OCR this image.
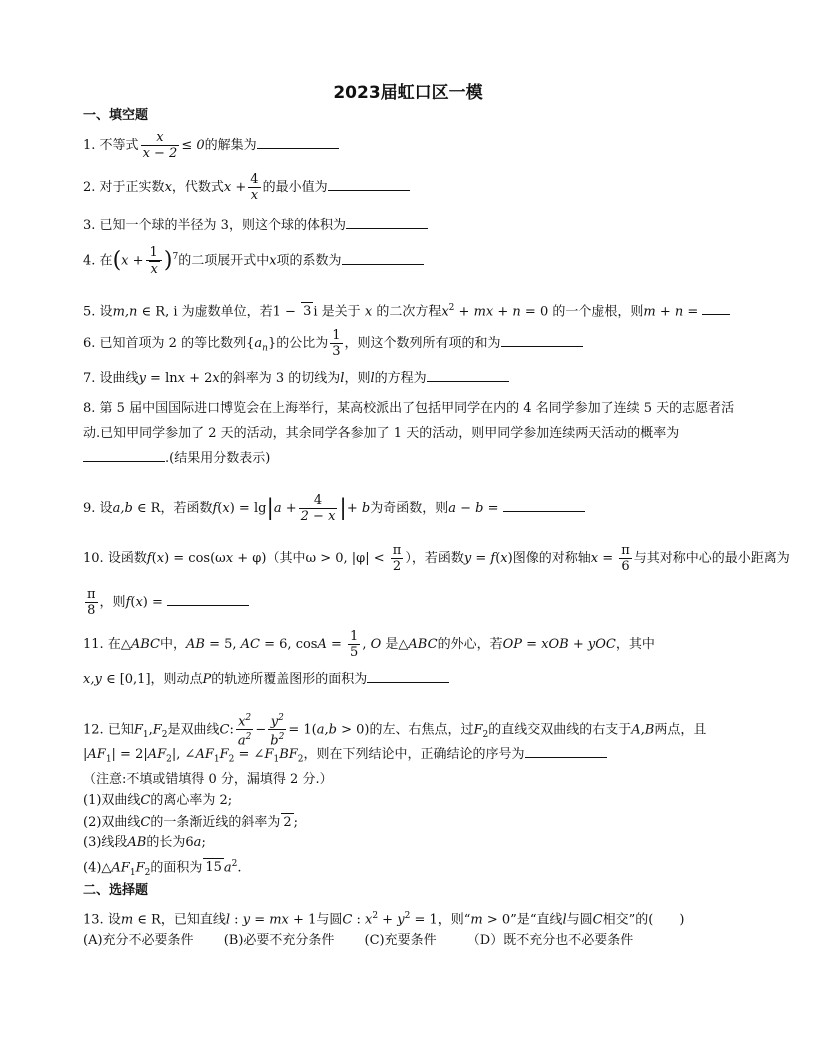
2023届虹口区一模
一、填空题
1. 不等式 $\frac{x}{x - 2} \le 0$的解集为
2. 对于正实数x，代数式$x + \frac{4}{x}$ 的最小值为
3. 已知一个球的半径为 3，则这个球的体积为
4. 在$(x + \frac{1}{x} )^7$的二项展开式中x项的系数为
5. 设m,n ∈ R, i 为虚数单位，若1 − 3 i 是关于 x 的二次方程$x^2$ + mx + n = 0 的一个虚根，则m + n =
6. 已知首项为 2 的等比数列$\{a_n\}$的公比为 $\frac{1}{3}$ ，则这个数列所有项的和为
7. 设曲线y = lnx + 2x的斜率为 3 的切线为l，则l的方程为
8. 第 5 届中国国际进口博览会在上海举行，某高校派出了包括甲同学在内的 4 名同学参加了连续 5 天的志愿者活动.已知甲同学参加了 2 天的活动，其余同学各参加了 1 天的活动，则甲同学参加连续两天活动的概率为.(结果用分数表示)
9. 设a,b ∈ R，若函数$f(x) = \lg|a + \frac{4}{2 - x}$ |+ b为奇函数，则a − b =
10. 设函数f(x) = cos(ωx + φ)（其中ω > 0, $|\varphi| < \frac{\pi}{2}$ ），若函数y = f(x)图像的对称轴$x = \frac{\pi}{6}$ 与其对称中心的最小距离为
$\frac{\pi}{8}$ ，则f(x) =
11. 在△ABC中，AB = 5, AC = 6, $\cos A = \frac{1}{5}$ , O 是△ABC的外心，若OP = xOB + yOC，其中
x,y ∈ [0,1]，则动点P的轨迹所覆盖图形的面积为
12. 已知$F_1,F_2$是双曲线C: $\frac{x^2}{a^2} - \frac{y^2}{b^2} = 1(a,b > 0)$的左、右焦点，过$F_2$的直线交双曲线的右支于A,B两点，且
$|AF_1| = 2|AF_2|$, $\angle AF_1F_2$ = $\angle F_1BF_2$，则在下列结论中，正确结论的序号为
（注意:不填或错填得 0 分，漏填得 2 分.）
(1)双曲线C的离心率为 2;
(2)双曲线C的一条渐近线的斜率为 2 ;
(3)线段AB的长为6a;
$(4)\triangle AF_1F_2$的面积为 15 $a^2$.
二、选择题
13. 设m ∈ R，已知直线l : y = mx + 1与圆C : $x^2 + y^2 = 1$，则“m > 0”是“直线l与圆C相交”的(　　)
(A)充分不必要条件 (B)必要不充分条件 (C)充要条件 （D）既不充分也不必要条件
